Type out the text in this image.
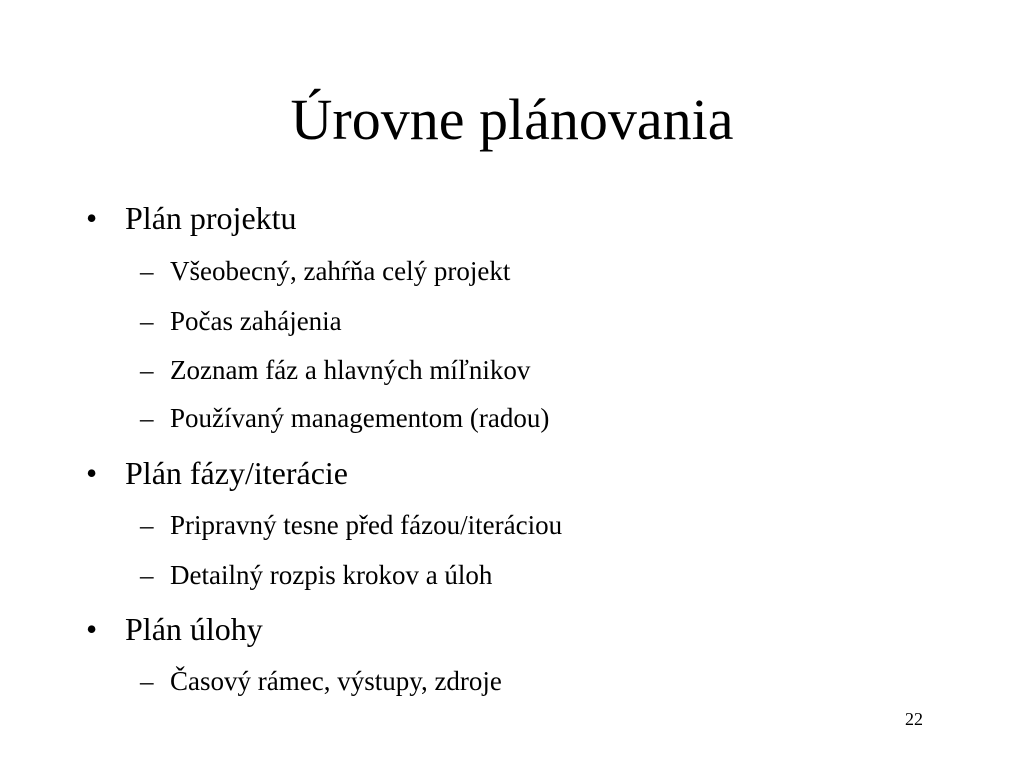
Úrovne plánovania
• Plán projektu
– Všeobecný, zahŕňa celý projekt
– Počas zahájenia
– Zoznam fáz a hlavných míľnikov
– Používaný managementom (radou)
• Plán fázy/iterácie
– Pripravný tesne před fázou/iteráciou
– Detailný rozpis krokov a úloh
• Plán úlohy
– Časový rámec, výstupy, zdroje
22
